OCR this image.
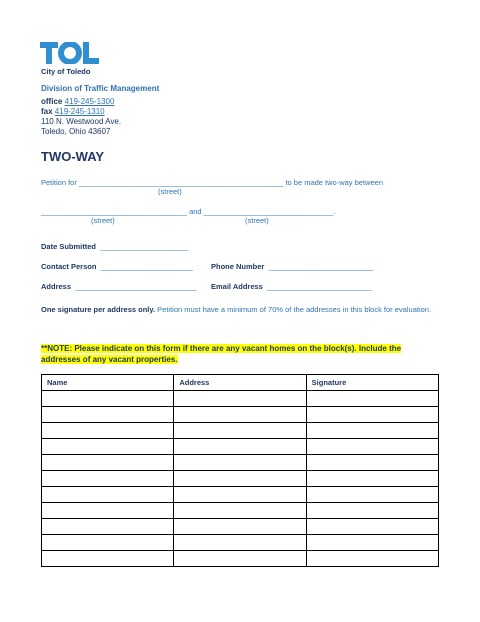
City of Toledo
Division of Traffic Management
office 419-245-1300
fax 419-245-1310
110 N. Westwood Ave.
Toledo, Ohio 43607
TWO-WAY
Petition for _________________________________________________ to be made two-way between
(street)
___________________________________ and _______________________________.
(street)	(street)
Date Submitted _____________________
Contact Person ______________________ Phone Number _________________________
Address _____________________________ Email Address _________________________
One signature per address only. Petition must have a minimum of 70% of the addresses in this block for evaluation.
**NOTE: Please indicate on this form if there are any vacant homes on the block(s). Include the addresses of any vacant properties.
Name	Address	Signature
